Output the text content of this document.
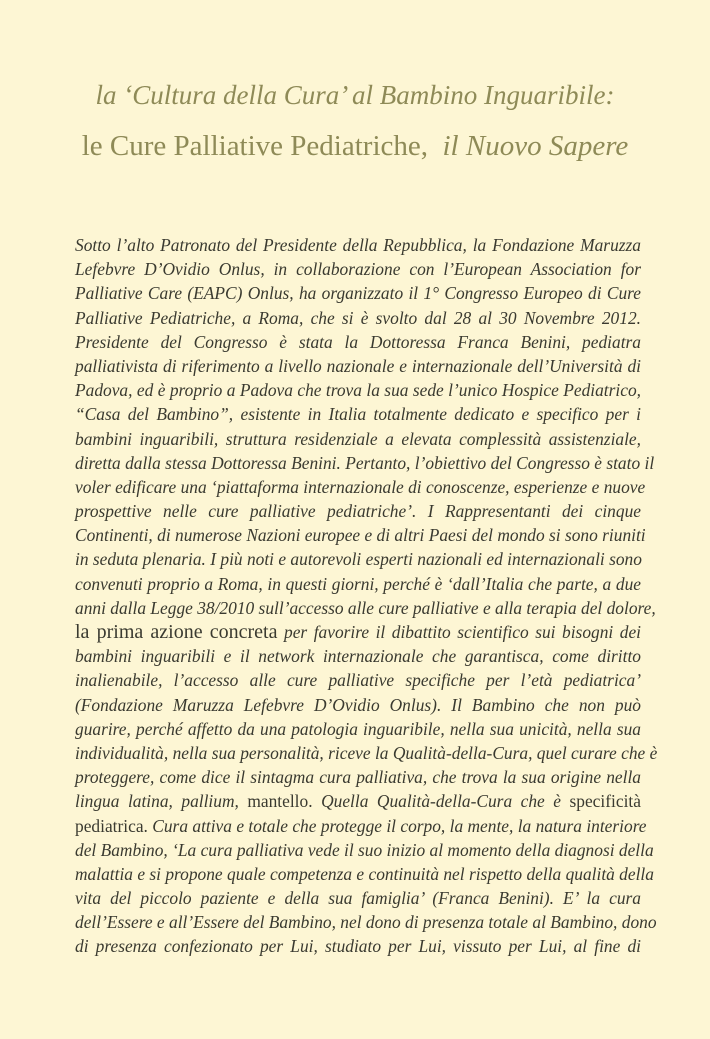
la ‘Cultura della Cura’ al Bambino Inguaribile:
le Cure Palliative Pediatriche, il Nuovo Sapere
Sotto l’alto Patronato del Presidente della Repubblica, la Fondazione Maruzza
Lefebvre D’Ovidio Onlus, in collaborazione con l’European Association for
Palliative Care (EAPC) Onlus, ha organizzato il 1° Congresso Europeo di Cure
Palliative Pediatriche, a Roma, che si è svolto dal 28 al 30 Novembre 2012.
Presidente del Congresso è stata la Dottoressa Franca Benini, pediatra
palliativista di riferimento a livello nazionale e internazionale dell’Università di
Padova, ed è proprio a Padova che trova la sua sede l’unico Hospice Pediatrico,
“Casa del Bambino”, esistente in Italia totalmente dedicato e specifico per i
bambini inguaribili, struttura residenziale a elevata complessità assistenziale,
diretta dalla stessa Dottoressa Benini. Pertanto, l’obiettivo del Congresso è stato il
voler edificare una ‘piattaforma internazionale di conoscenze, esperienze e nuove
prospettive nelle cure palliative pediatriche’. I Rappresentanti dei cinque
Continenti, di numerose Nazioni europee e di altri Paesi del mondo si sono riuniti
in seduta plenaria. I più noti e autorevoli esperti nazionali ed internazionali sono
convenuti proprio a Roma, in questi giorni, perché è ‘dall’Italia che parte, a due
anni dalla Legge 38/2010 sull’accesso alle cure palliative e alla terapia del dolore,
la prima azione concreta per favorire il dibattito scientifico sui bisogni dei
bambini inguaribili e il network internazionale che garantisca, come diritto
inalienabile, l’accesso alle cure palliative specifiche per l’età pediatrica’
(Fondazione Maruzza Lefebvre D’Ovidio Onlus). Il Bambino che non può
guarire, perché affetto da una patologia inguaribile, nella sua unicità, nella sua
individualità, nella sua personalità, riceve la Qualità-della-Cura, quel curare che è
proteggere, come dice il sintagma cura palliativa, che trova la sua origine nella
lingua latina, pallium, mantello. Quella Qualità-della-Cura che è specificità
pediatrica. Cura attiva e totale che protegge il corpo, la mente, la natura interiore
del Bambino, ‘La cura palliativa vede il suo inizio al momento della diagnosi della
malattia e si propone quale competenza e continuità nel rispetto della qualità della
vita del piccolo paziente e della sua famiglia’ (Franca Benini). E’ la cura
dell’Essere e all’Essere del Bambino, nel dono di presenza totale al Bambino, dono
di presenza confezionato per Lui, studiato per Lui, vissuto per Lui, al fine di
